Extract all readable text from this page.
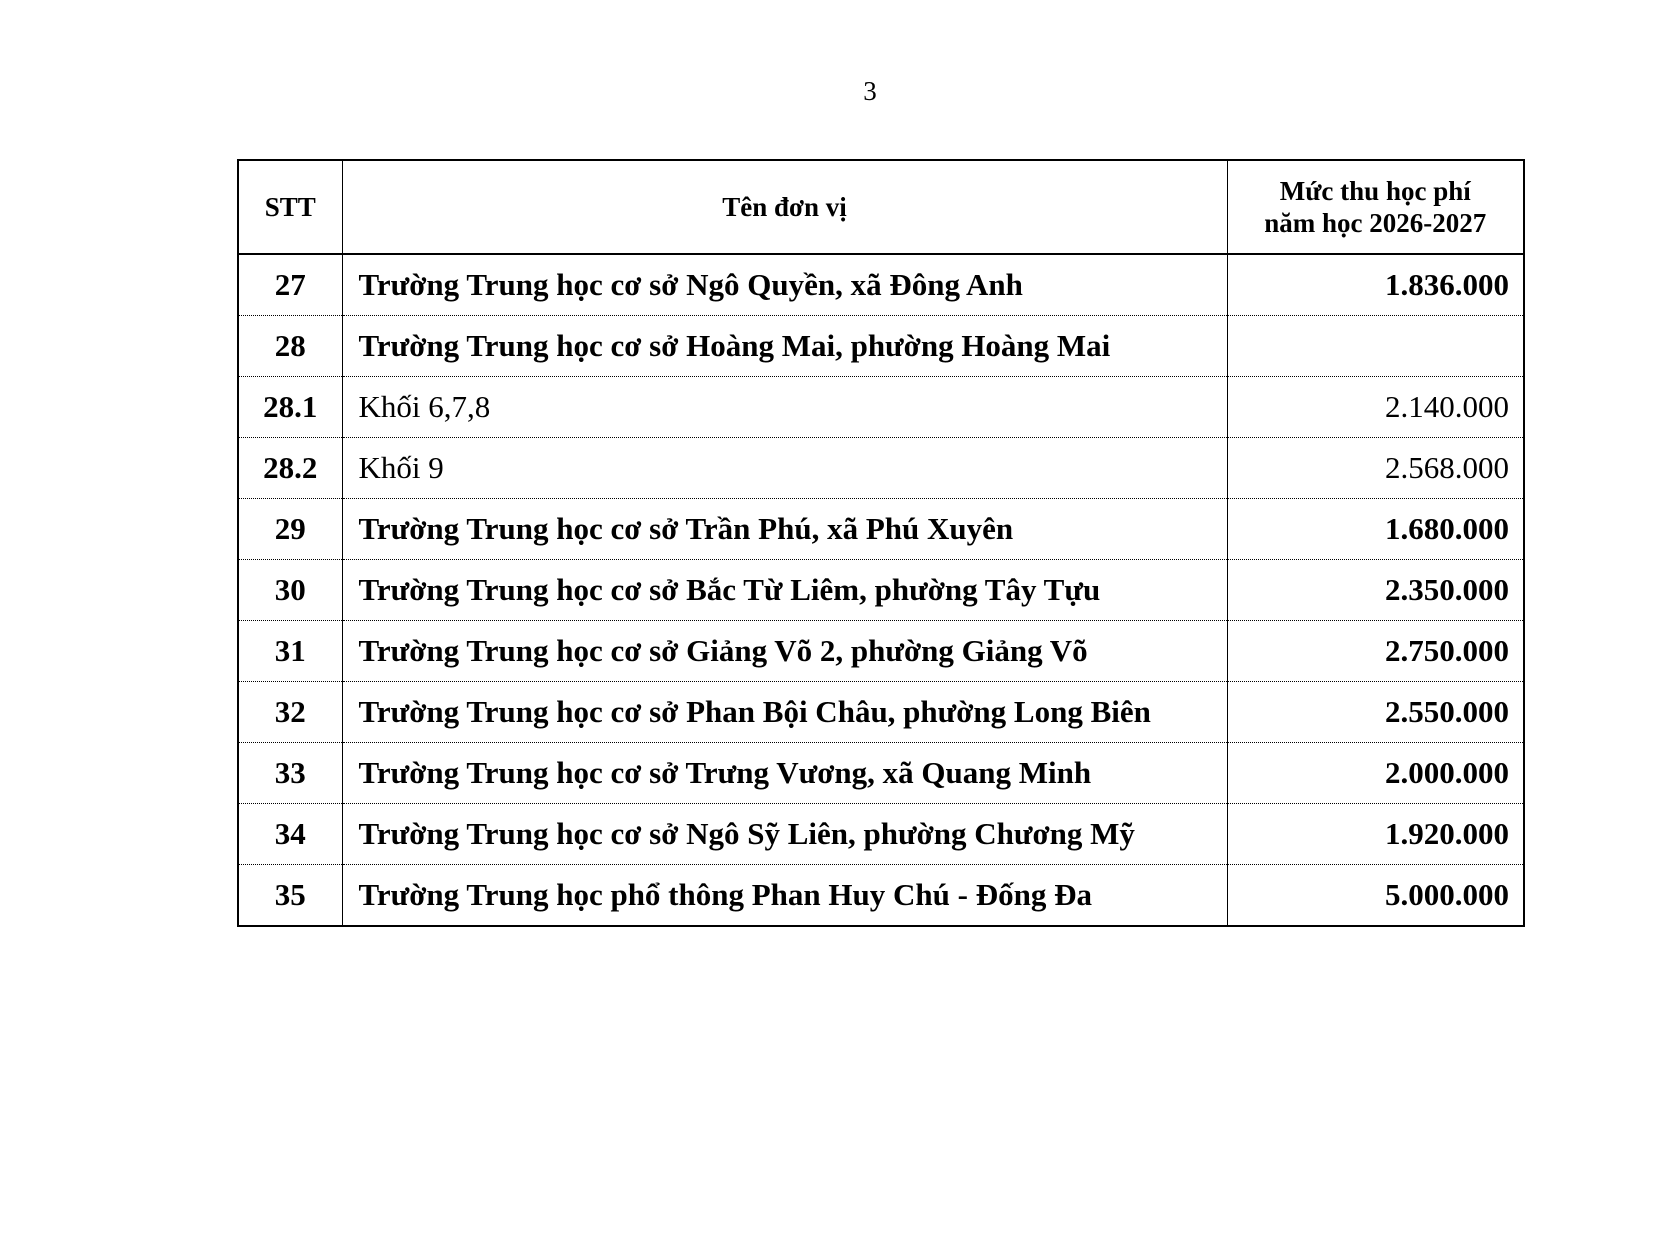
3
STT	Tên đơn vị	Mức thu học phí
năm học 2026-2027

27	Trường Trung học cơ sở Ngô Quyền, xã Đông Anh	1.836.000
28	Trường Trung học cơ sở Hoàng Mai, phường Hoàng Mai	
28.1	Khối 6,7,8	2.140.000
28.2	Khối 9	2.568.000
29	Trường Trung học cơ sở Trần Phú, xã Phú Xuyên	1.680.000
30	Trường Trung học cơ sở Bắc Từ Liêm, phường Tây Tựu	2.350.000
31	Trường Trung học cơ sở Giảng Võ 2, phường Giảng Võ	2.750.000
32	Trường Trung học cơ sở Phan Bội Châu, phường Long Biên	2.550.000
33	Trường Trung học cơ sở Trưng Vương, xã Quang Minh	2.000.000
34	Trường Trung học cơ sở Ngô Sỹ Liên, phường Chương Mỹ	1.920.000
35	Trường Trung học phổ thông Phan Huy Chú - Đống Đa	5.000.000
